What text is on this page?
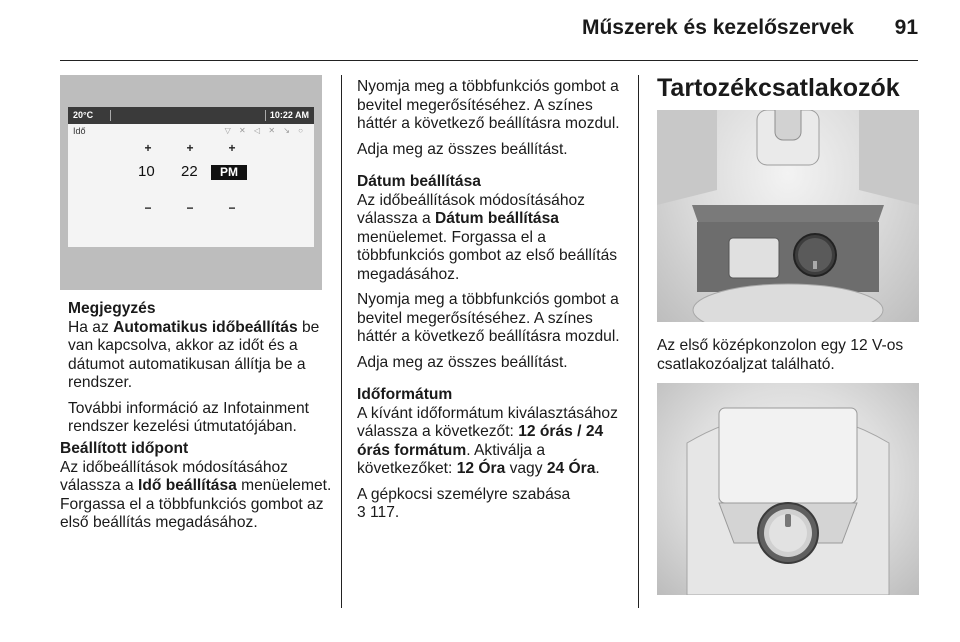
Műszerek és kezelőszervek 91
20°C	10:22 AM
Idő	▽ ✕ ◁ ✕ ↘ ○
+	+	+
10 22	PM
−	−	−

Megjegyzés

Ha az Automatikus időbeállítás be van kapcsolva, akkor az időt és a dátumot automatikusan állítja be a rendszer.

További információ az Infotainment rendszer kezelési útmutatójában.

Beállított időpont

Az időbeállítások módosításához válassza a Idő beállítása menüelemet. Forgassa el a többfunkciós gombot az első beállítás megadásához.

Nyomja meg a többfunkciós gombot a bevitel megerősítéséhez. A színes háttér a következő beállításra mozdul.

Adja meg az összes beállítást.

Dátum beállítása

Az időbeállítások módosításához válassza a Dátum beállítása menüelemet. Forgassa el a többfunkciós gombot az első beállítás megadásához.

Nyomja meg a többfunkciós gombot a bevitel megerősítéséhez. A színes háttér a következő beállításra mozdul.

Adja meg az összes beállítást.

Időformátum

A kívánt időformátum kiválasztásához válassza a következőt: 12 órás / 24 órás formátum. Aktiválja a következőket: 12 Óra vagy 24 Óra.

A gépkocsi személyre szabása
3 117.

Tartozékcsatlakozók
Az első középkonzolon egy 12 V-os csatlakozóaljzat található.
